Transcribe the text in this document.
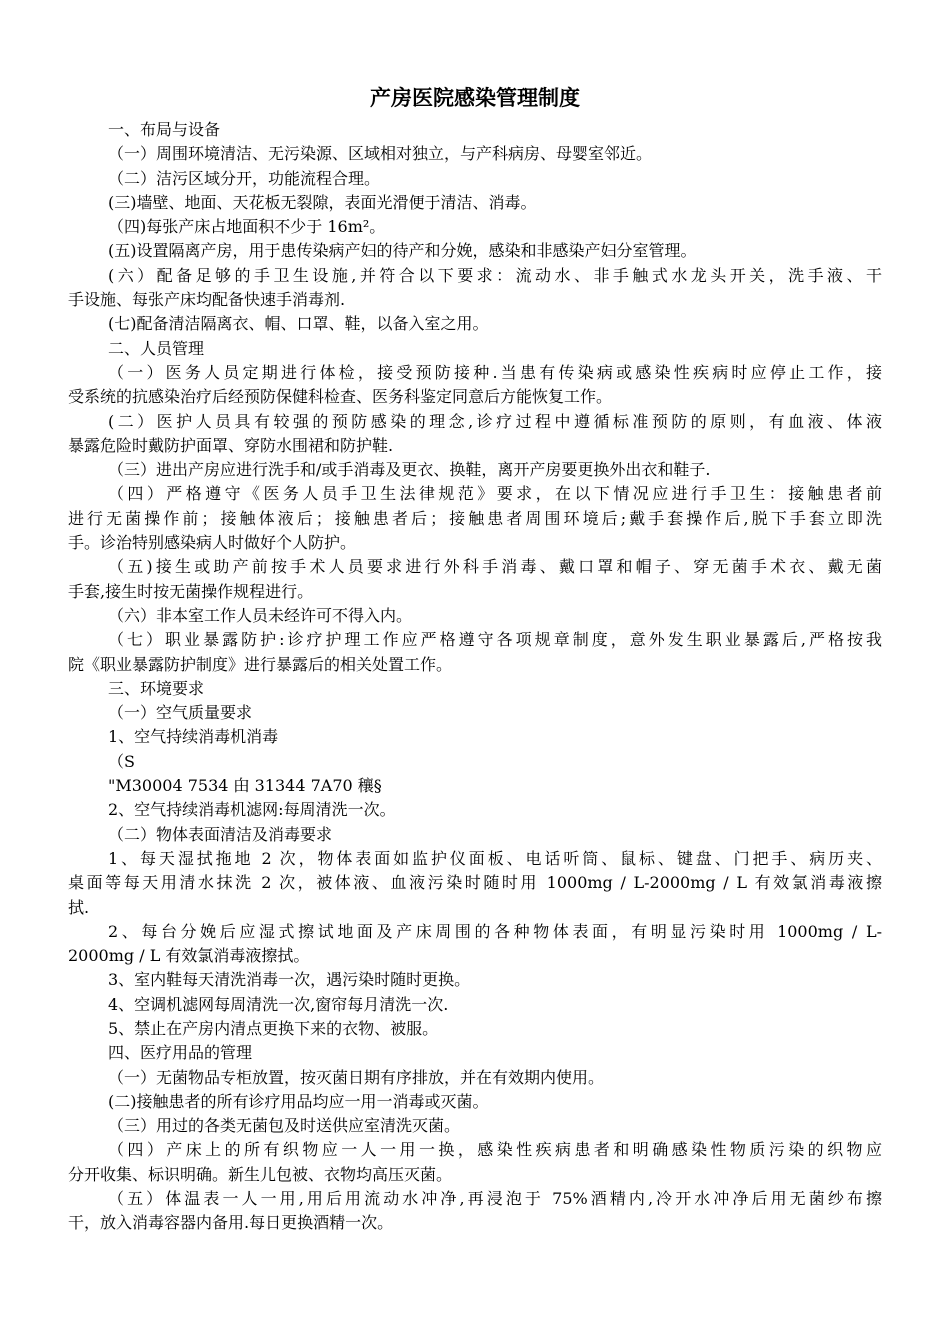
产房医院感染管理制度

一、布局与设备

（一）周围环境清洁、无污染源、区域相对独立，与产科病房、母婴室邻近。

（二）洁污区域分开，功能流程合理。

(三)墙壁、地面、天花板无裂隙，表面光滑便于清洁、消毒。

（四)每张产床占地面积不少于 16m²。

(五)设置隔离产房，用于患传染病产妇的待产和分娩，感染和非感染产妇分室管理。

(六）配备足够的手卫生设施,并符合以下要求：流动水、非手触式水龙头开关，洗手液、干

手设施、每张产床均配备快速手消毒剂.

(七)配备清洁隔离衣、帽、口罩、鞋，以备入室之用。

二、人员管理

（一）医务人员定期进行体检，接受预防接种.当患有传染病或感染性疾病时应停止工作，接

受系统的抗感染治疗后经预防保健科检查、医务科鉴定同意后方能恢复工作。

(二）医护人员具有较强的预防感染的理念,诊疗过程中遵循标准预防的原则，有血液、体液

暴露危险时戴防护面罩、穿防水围裙和防护鞋.

（三）进出产房应进行洗手和/或手消毒及更衣、换鞋，离开产房要更换外出衣和鞋子.

（四）严格遵守《医务人员手卫生法律规范》要求，在以下情况应进行手卫生：接触患者前

进行无菌操作前；接触体液后；接触患者后；接触患者周围环境后;戴手套操作后,脱下手套立即洗

手。诊治特别感染病人时做好个人防护。

（五)接生或助产前按手术人员要求进行外科手消毒、戴口罩和帽子、穿无菌手术衣、戴无菌

手套,接生时按无菌操作规程进行。

（六）非本室工作人员未经许可不得入内。

（七）职业暴露防护:诊疗护理工作应严格遵守各项规章制度，意外发生职业暴露后,严格按我

院《职业暴露防护制度》进行暴露后的相关处置工作。

三、环境要求

（一）空气质量要求

1、空气持续消毒机消毒

（S

"M30004 7534 甶 31344 7A70 穰§

2、空气持续消毒机滤网:每周清洗一次。

（二）物体表面清洁及消毒要求

1、每天湿拭拖地 2 次，物体表面如监护仪面板、电话听筒、鼠标、键盘、门把手、病历夹、

桌面等每天用清水抹洗 2 次，被体液、血液污染时随时用 1000mg / L-2000mg / L 有效氯消毒液擦

拭.

2、每台分娩后应湿式擦试地面及产床周围的各种物体表面，有明显污染时用 1000mg / L-

2000mg / L 有效氯消毒液擦拭。

3、室内鞋每天清洗消毒一次，遇污染时随时更换。

4、空调机滤网每周清洗一次,窗帘每月清洗一次.

5、禁止在产房内清点更换下来的衣物、被服。

四、医疗用品的管理

（一）无菌物品专柜放置，按灭菌日期有序排放，并在有效期内使用。

(二)接触患者的所有诊疗用品均应一用一消毒或灭菌。

（三）用过的各类无菌包及时送供应室清洗灭菌。

（四）产床上的所有织物应一人一用一换，感染性疾病患者和明确感染性物质污染的织物应

分开收集、标识明确。新生儿包被、衣物均高压灭菌。

（五）体温表一人一用,用后用流动水冲净,再浸泡于 75%酒精内,冷开水冲净后用无菌纱布擦

干，放入消毒容器内备用.每日更换酒精一次。
